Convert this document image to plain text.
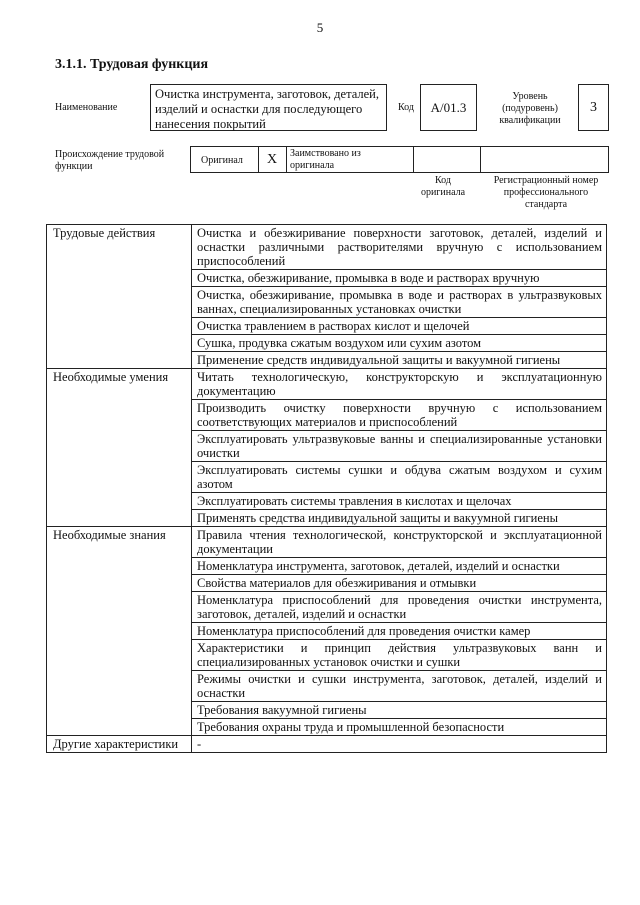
5
3.1.1. Трудовая функция
Наименование
Очистка инструмента, заготовок, деталей, изделий и оснастки для последующего нанесения покрытий
Код	А/01.3
Уровень
(подуровень)
квалификации
3
Происхождение трудовой
функции
Оригинал X Заимствовано из
оригинала
Код
оригинала
Регистрационный номер
профессионального
стандарта
Трудовые действия	Очистка и обезжиривание поверхности заготовок, деталей, изделий и оснастки различными растворителями вручную с использованием приспособлений
	Очистка, обезжиривание, промывка в воде и растворах вручную
	Очистка, обезжиривание, промывка в воде и растворах в ультразвуковых ваннах, специализированных установках очистки
	Очистка травлением в растворах кислот и щелочей
	Сушка, продувка сжатым воздухом или сухим азотом
	Применение средств индивидуальной защиты и вакуумной гигиены
Необходимые умения	Читать технологическую, конструкторскую и эксплуатационную документацию
	Производить очистку поверхности вручную с использованием соответствующих материалов и приспособлений
	Эксплуатировать ультразвуковые ванны и специализированные установки очистки
	Эксплуатировать системы сушки и обдува сжатым воздухом и сухим азотом
	Эксплуатировать системы травления в кислотах и щелочах
	Применять средства индивидуальной защиты и вакуумной гигиены
Необходимые знания	Правила чтения технологической, конструкторской и эксплуатационной документации
	Номенклатура инструмента, заготовок, деталей, изделий и оснастки
	Свойства материалов для обезжиривания и отмывки
	Номенклатура приспособлений для проведения очистки инструмента, заготовок, деталей, изделий и оснастки
	Номенклатура приспособлений для проведения очистки камер
	Характеристики и принцип действия ультразвуковых ванн и специализированных установок очистки и сушки
	Режимы очистки и сушки инструмента, заготовок, деталей, изделий и оснастки
	Требования вакуумной гигиены
	Требования охраны труда и промышленной безопасности
Другие характеристики	-
